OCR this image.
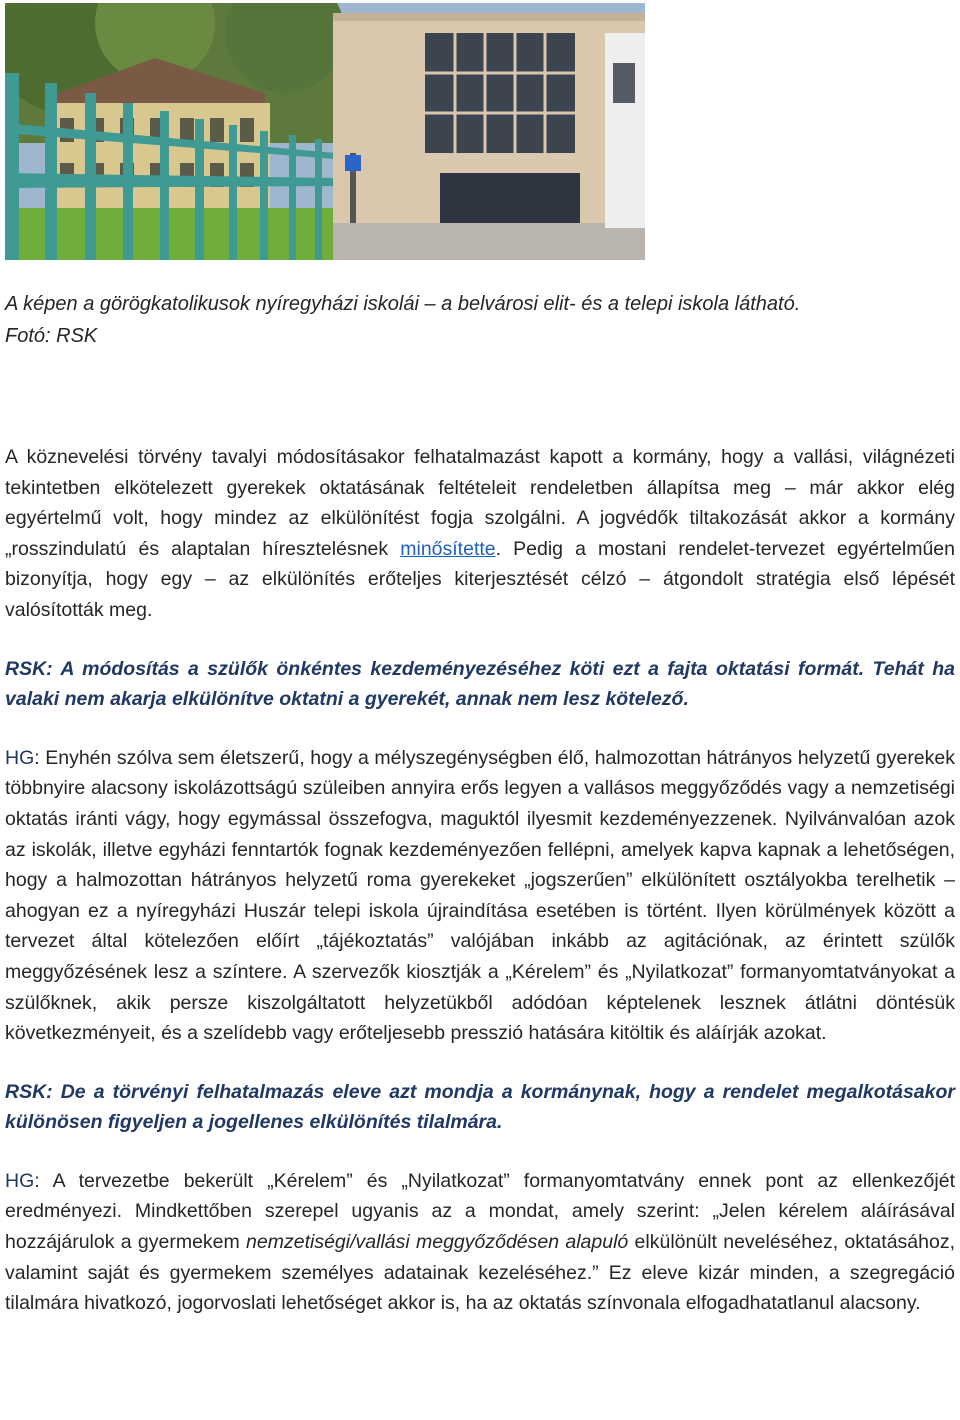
A képen a görögkatolikusok nyíregyházi iskolái – a belvárosi elit- és a telepi iskola látható.
Fotó: RSK

A köznevelési törvény tavalyi módosításakor felhatalmazást kapott a kormány, hogy a vallási, világnézeti tekintetben elkötelezett gyerekek oktatásának feltételeit rendeletben állapítsa meg – már akkor elég egyértelmű volt, hogy mindez az elkülönítést fogja szolgálni. A jogvédők tiltakozását akkor a kormány „rosszindulatú és alaptalan híresztelésnek minősítette. Pedig a mostani rendelet-tervezet egyértelműen bizonyítja, hogy egy – az elkülönítés erőteljes kiterjesztését célzó – átgondolt stratégia első lépését valósították meg.

RSK: A módosítás a szülők önkéntes kezdeményezéséhez köti ezt a fajta oktatási formát. Tehát ha valaki nem akarja elkülönítve oktatni a gyerekét, annak nem lesz kötelező.

HG: Enyhén szólva sem életszerű, hogy a mélyszegénységben élő, halmozottan hátrányos helyzetű gyerekek többnyire alacsony iskolázottságú szüleiben annyira erős legyen a vallásos meggyőződés vagy a nemzetiségi oktatás iránti vágy, hogy egymással összefogva, maguktól ilyesmit kezdeményezzenek. Nyilvánvalóan azok az iskolák, illetve egyházi fenntartók fognak kezdeményezően fellépni, amelyek kapva kapnak a lehetőségen, hogy a halmozottan hátrányos helyzetű roma gyerekeket „jogszerűen” elkülönített osztályokba terelhetik – ahogyan ez a nyíregyházi Huszár telepi iskola újraindítása esetében is történt. Ilyen körülmények között a tervezet által kötelezően előírt „tájékoztatás” valójában inkább az agitációnak, az érintett szülők meggyőzésének lesz a színtere. A szervezők kiosztják a „Kérelem” és „Nyilatkozat” formanyomtatványokat a szülőknek, akik persze kiszolgáltatott helyzetükből adódóan képtelenek lesznek átlátni döntésük következményeit, és a szelídebb vagy erőteljesebb presszió hatására kitöltik és aláírják azokat.

RSK: De a törvényi felhatalmazás eleve azt mondja a kormánynak, hogy a rendelet megalkotásakor különösen figyeljen a jogellenes elkülönítés tilalmára.

HG: A tervezetbe bekerült „Kérelem” és „Nyilatkozat” formanyomtatvány ennek pont az ellenkezőjét eredményezi. Mindkettőben szerepel ugyanis az a mondat, amely szerint: „Jelen kérelem aláírásával hozzájárulok a gyermekem nemzetiségi/vallási meggyőződésen alapuló elkülönült neveléséhez, oktatásához, valamint saját és gyermekem személyes adatainak kezeléséhez.” Ez eleve kizár minden, a szegregáció tilalmára hivatkozó, jogorvoslati lehetőséget akkor is, ha az oktatás színvonala elfogadhatatlanul alacsony.
